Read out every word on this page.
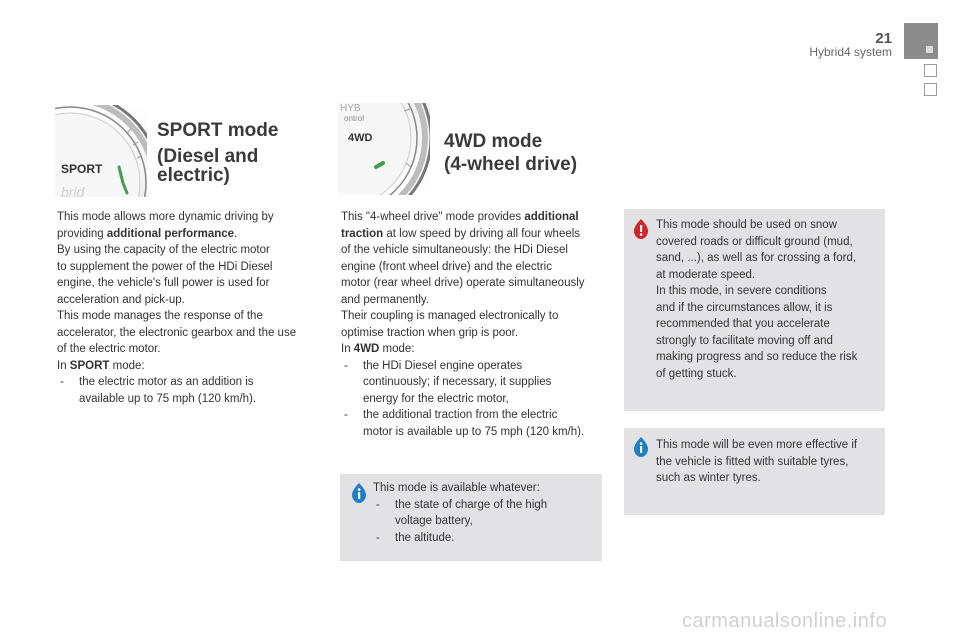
21
Hybrid4 system
SPORT
brid
SPORT mode
(Diesel and
electric)

This mode allows more dynamic driving by

providing additional performance.

By using the capacity of the electric motor

to supplement the power of the HDi Diesel

engine, the vehicle's full power is used for

acceleration and pick-up.

This mode manages the response of the

accelerator, the electronic gearbox and the use

of the electric motor.

In SPORT mode:

- the electric motor as an addition is
available up to 75 mph (120 km/h).
HYB
ontrol
4WD	4WD mode
(4-wheel drive)

This "4-wheel drive" mode provides additional

traction at low speed by driving all four wheels

of the vehicle simultaneously: the HDi Diesel

engine (front wheel drive) and the electric

motor (rear wheel drive) operate simultaneously

and permanently.

Their coupling is managed electronically to

optimise traction when grip is poor.

In 4WD mode:

- the HDi Diesel engine operates
continuously; if necessary, it supplies
energy for the electric motor,
- the additional traction from the electric
motor is available up to 75 mph (120 km/h).
This mode is available whatever:
- the state of charge of the high
voltage battery,
- the altitude.
This mode should be used on snow
covered roads or difficult ground (mud,
sand, ...), as well as for crossing a ford,
at moderate speed.
In this mode, in severe conditions
and if the circumstances allow, it is
recommended that you accelerate
strongly to facilitate moving off and
making progress and so reduce the risk
of getting stuck.
This mode will be even more effective if
the vehicle is fitted with suitable tyres,
such as winter tyres.
carmanualsonline.info
